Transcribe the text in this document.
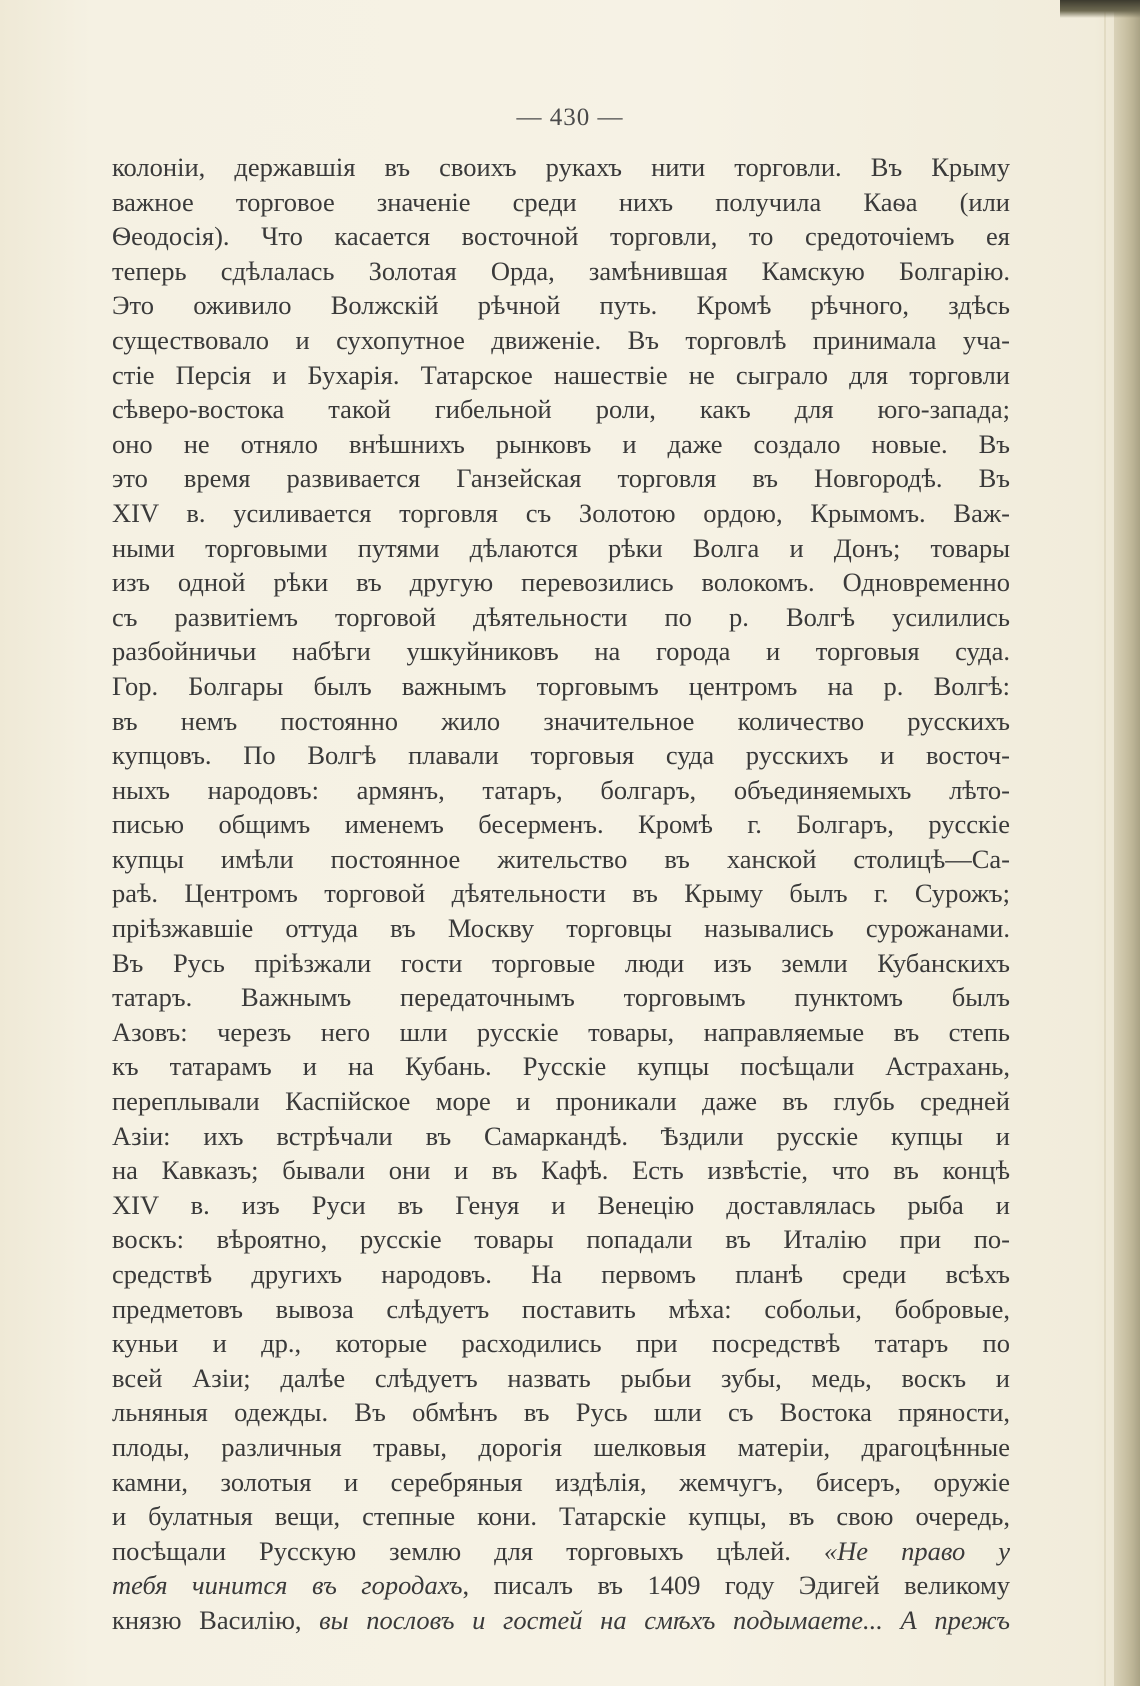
— 430 —
колоніи, державшія въ своихъ рукахъ нити торговли. Въ Крыму
важное торговое значеніе среди нихъ получила Каѳа (или
Ѳеодосія). Что касается восточной торговли, то средоточіемъ ея
теперь сдѣлалась Золотая Орда, замѣнившая Камскую Болгарію.
Это оживило Волжскій рѣчной путь. Кромѣ рѣчного, здѣсь
существовало и сухопутное движеніе. Въ торговлѣ принимала уча-
стіе Персія и Бухарія. Татарское нашествіе не сыграло для торговли
сѣверо-востока такой гибельной роли, какъ для юго-запада;
оно не отняло внѣшнихъ рынковъ и даже создало новые. Въ
это время развивается Ганзейская торговля въ Новгородѣ. Въ
XIV в. усиливается торговля съ Золотою ордою, Крымомъ. Важ-
ными торговыми путями дѣлаются рѣки Волга и Донъ; товары
изъ одной рѣки въ другую перевозились волокомъ. Одновременно
съ развитіемъ торговой дѣятельности по р. Волгѣ усилились
разбойничьи набѣги ушкуйниковъ на города и торговыя суда.
Гор. Болгары былъ важнымъ торговымъ центромъ на р. Волгѣ:
въ немъ постоянно жило значительное количество русскихъ
купцовъ. По Волгѣ плавали торговыя суда русскихъ и восточ-
ныхъ народовъ: армянъ, татаръ, болгаръ, объединяемыхъ лѣто-
писью общимъ именемъ бесерменъ. Кромѣ г. Болгаръ, русскіе
купцы имѣли постоянное жительство въ ханской столицѣ—Са-
раѣ. Центромъ торговой дѣятельности въ Крыму былъ г. Сурожъ;
пріѣзжавшіе оттуда въ Москву торговцы назывались сурожанами.
Въ Русь пріѣзжали гости торговые люди изъ земли Кубанскихъ
татаръ. Важнымъ передаточнымъ торговымъ пунктомъ былъ
Азовъ: черезъ него шли русскіе товары, направляемые въ степь
къ татарамъ и на Кубань. Русскіе купцы посѣщали Астрахань,
переплывали Каспійское море и проникали даже въ глубь средней
Азіи: ихъ встрѣчали въ Самаркандѣ. Ѣздили русскіе купцы и
на Кавказъ; бывали они и въ Кафѣ. Есть извѣстіе, что въ концѣ
XIV в. изъ Руси въ Генуя и Венецію доставлялась рыба и
воскъ: вѣроятно, русскіе товары попадали въ Италію при по-
средствѣ другихъ народовъ. На первомъ планѣ среди всѣхъ
предметовъ вывоза слѣдуетъ поставить мѣха: собольи, бобровые,
куньи и др., которые расходились при посредствѣ татаръ по
всей Азіи; далѣе слѣдуетъ назвать рыбьи зубы, медь, воскъ и
льняныя одежды. Въ обмѣнъ въ Русь шли съ Востока пряности,
плоды, различныя травы, дорогія шелковыя матеріи, драгоцѣнные
камни, золотыя и серебряныя издѣлія, жемчугъ, бисеръ, оружіе
и булатныя вещи, степные кони. Татарскіе купцы, въ свою очередь,
посѣщали Русскую землю для торговыхъ цѣлей. «Не право у
тебя чинится въ городахъ, писалъ въ 1409 году Эдигей великому
князю Василію, вы пословъ и гостей на смѣхъ подымаете... А прежъ
